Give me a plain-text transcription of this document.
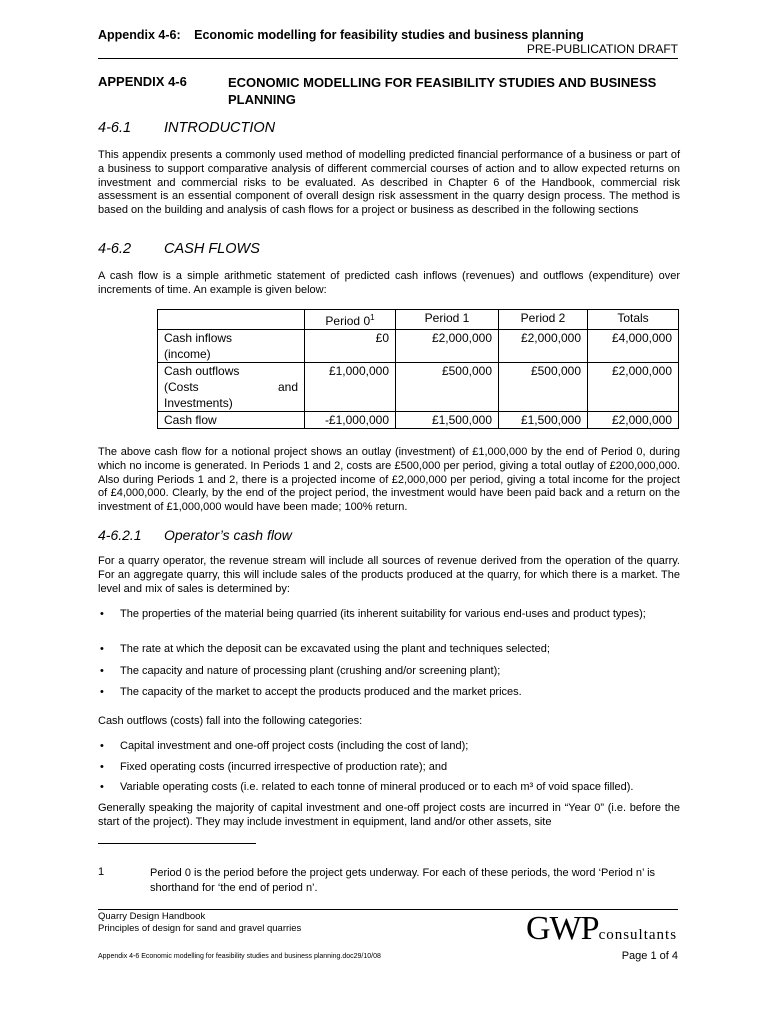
Appendix 4-6: Economic modelling for feasibility studies and business planning
PRE-PUBLICATION DRAFT
APPENDIX 4-6	ECONOMIC MODELLING FOR FEASIBILITY STUDIES AND BUSINESS PLANNING
4-6.1 INTRODUCTION
This appendix presents a commonly used method of modelling predicted financial performance of a business or part of a business to support comparative analysis of different commercial courses of action and to allow expected returns on investment and commercial risks to be evaluated. As described in Chapter 6 of the Handbook, commercial risk assessment is an essential component of overall design risk assessment in the quarry design process. The method is based on the building and analysis of cash flows for a project or business as described in the following sections
4-6.2 CASH FLOWS
A cash flow is a simple arithmetic statement of predicted cash inflows (revenues) and outflows (expenditure) over increments of time. An example is given below:
	Period $0^1$	Period 1	Period 2	Totals

Cash inflows
(income)	£0	£2,000,000	£2,000,000	£4,000,000

Cash outflows
(Costs and
Investments)	£1,000,000	£500,000	£500,000	£2,000,000
Cash flow	-£1,000,000	£1,500,000	£1,500,000	£2,000,000
The above cash flow for a notional project shows an outlay (investment) of £1,000,000 by the end of Period 0, during which no income is generated. In Periods 1 and 2, costs are £500,000 per period, giving a total outlay of £200,000,000. Also during Periods 1 and 2, there is a projected income of £2,000,000 per period, giving a total income for the project of £4,000,000. Clearly, by the end of the project period, the investment would have been paid back and a return on the investment of £1,000,000 would have been made; 100% return.
4-6.2.1 Operator’s cash flow
For a quarry operator, the revenue stream will include all sources of revenue derived from the operation of the quarry. For an aggregate quarry, this will include sales of the products produced at the quarry, for which there is a market. The level and mix of sales is determined by:
• The properties of the material being quarried (its inherent suitability for various end-uses and product types);
• The rate at which the deposit can be excavated using the plant and techniques selected;
• The capacity and nature of processing plant (crushing and/or screening plant);
• The capacity of the market to accept the products produced and the market prices.
Cash outflows (costs) fall into the following categories:
• Capital investment and one-off project costs (including the cost of land);
• Fixed operating costs (incurred irrespective of production rate); and
• Variable operating costs (i.e. related to each tonne of mineral produced or to each m³ of void space filled).
Generally speaking the majority of capital investment and one-off project costs are incurred in “Year 0” (i.e. before the start of the project). They may include investment in equipment, land and/or other assets, site
1	Period 0 is the period before the project gets underway. For each of these periods, the word ‘Period n’ is shorthand for ‘the end of period n’.
Quarry Design Handbook
Principles of design for sand and gravel quarries	GWPconsultants
Appendix 4-6 Economic modelling for feasibility studies and business planning.doc29/10/08	Page 1 of 4
